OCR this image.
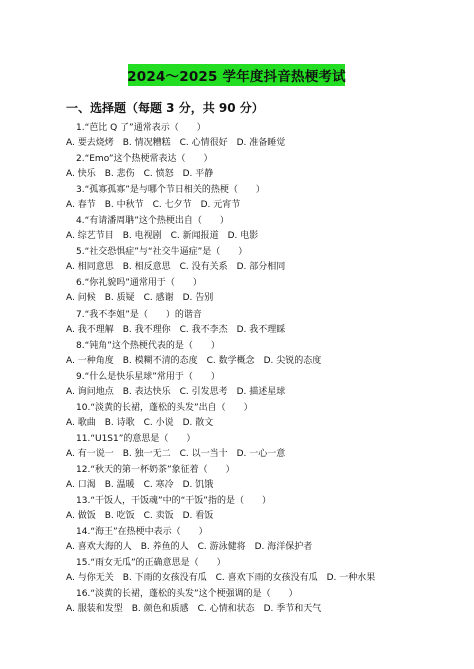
2024～2025 学年度抖音热梗考试
一、选择题（每题 3 分，共 90 分）
1.“芭比 Q 了”通常表示（　　）
A. 要去烧烤　B. 情况糟糕　C. 心情很好　D. 准备睡觉
2.“Emo”这个热梗常表达（　　）
A. 快乐　B. 悲伤　C. 愤怒　D. 平静
3.“孤寡孤寡”是与哪个节日相关的热梗（　　）
A. 春节　B. 中秋节　C. 七夕节　D. 元宵节
4.“有请潘周聃”这个热梗出自（　　）
A. 综艺节目　B. 电视剧　C. 新闻报道　D. 电影
5.“社交恐惧症”与“社交牛逼症”是（　　）
A. 相同意思　B. 相反意思　C. 没有关系　D. 部分相同
6.“你礼貌吗”通常用于（　　）
A. 问候　B. 质疑　C. 感谢　D. 告别
7.“我不李姐”是（　　）的谐音
A. 我不理解　B. 我不理你　C. 我不李杰　D. 我不理睬
8.“钝角”这个热梗代表的是（　　）
A. 一种角度　B. 模糊不清的态度　C. 数学概念　D. 尖锐的态度
9.“什么是快乐星球”常用于（　　）
A. 询问地点　B. 表达快乐　C. 引发思考　D. 描述星球
10.“淡黄的长裙，蓬松的头发”出自（　　）
A. 歌曲　B. 诗歌　C. 小说　D. 散文
11.“U1S1”的意思是（　　）
A. 有一说一　B. 独一无二　C. 以一当十　D. 一心一意
12.“秋天的第一杯奶茶”象征着（　　）
A. 口渴　B. 温暖　C. 寒冷　D. 饥饿
13.“干饭人，干饭魂”中的“干饭”指的是（　　）
A. 做饭　B. 吃饭　C. 卖饭　D. 看饭
14.“海王”在热梗中表示（　　）
A. 喜欢大海的人　B. 养鱼的人　C. 游泳健将　D. 海洋保护者
15.“雨女无瓜”的正确意思是（　　）
A. 与你无关　B. 下雨的女孩没有瓜　C. 喜欢下雨的女孩没有瓜　D. 一种水果
16.“淡黄的长裙，蓬松的头发”这个梗强调的是（　　）
A. 服装和发型　B. 颜色和质感　C. 心情和状态　D. 季节和天气
